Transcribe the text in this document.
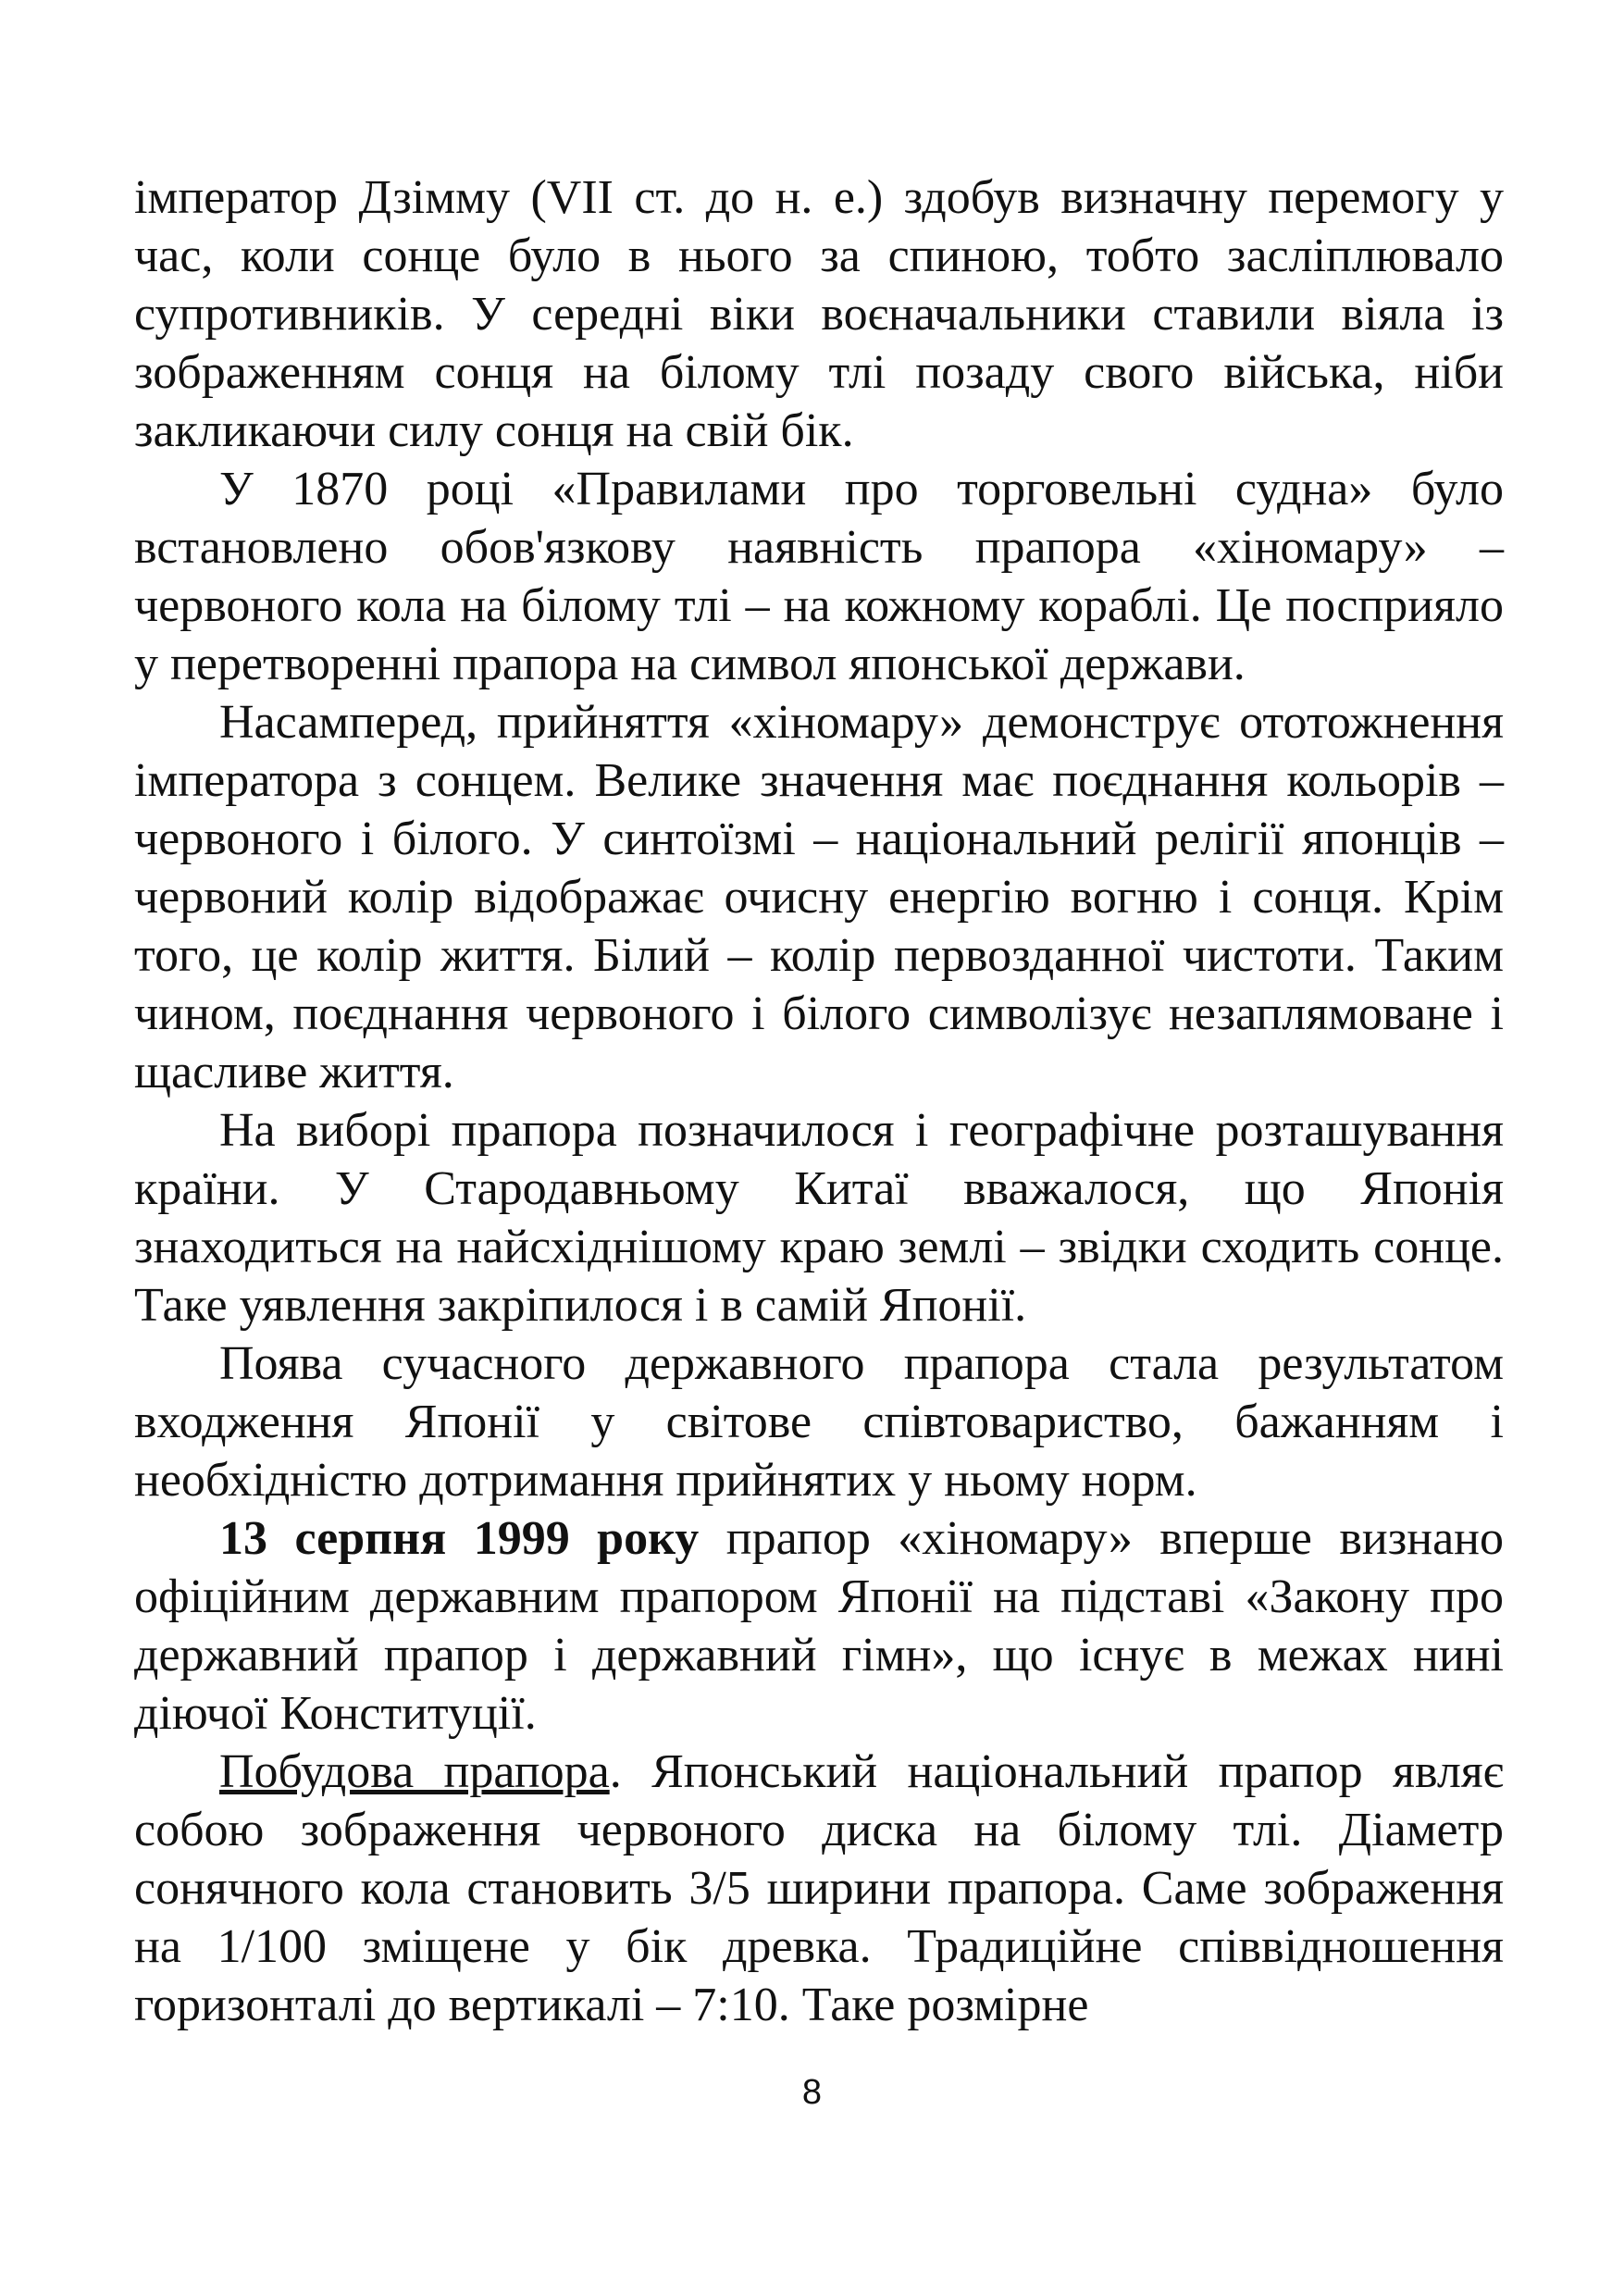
імператор Дзімму (VII ст. до н. е.) здобув визначну перемогу у час, коли сонце було в нього за спиною, тобто засліплювало супротивників. У середні віки воєначальники ставили віяла із зображенням сонця на білому тлі позаду свого війська, ніби закликаючи силу сонця на свій бік.

У 1870 році «Правилами про торговельні судна» було встановлено обов'язкову наявність прапора «хіномару» – червоного кола на білому тлі – на кожному кораблі. Це посприяло у перетворенні прапора на символ японської держави.

Насамперед, прийняття «хіномару» демонструє ототожнення імператора з сонцем. Велике значення має поєднання кольорів – червоного і білого. У синтоїзмі – національний релігії японців – червоний колір відображає очисну енергію вогню і сонця. Крім того, це колір життя. Білий – колір первозданної чистоти. Таким чином, поєднання червоного і білого символізує незаплямоване і щасливе життя.

На виборі прапора позначилося і географічне розташування країни. У Стародавньому Китаї вважалося, що Японія знаходиться на найсхіднішому краю землі – звідки сходить сонце. Таке уявлення закріпилося і в самій Японії.

Поява сучасного державного прапора стала результатом входження Японії у світове співтовариство, бажанням і необхідністю дотримання прийнятих у ньому норм.

13 серпня 1999 року прапор «хіномару» вперше визнано офіційним державним прапором Японії на підставі «Закону про державний прапор і державний гімн», що існує в межах нині діючої Конституції.

Побудова прапора. Японський національний прапор являє собою зображення червоного диска на білому тлі. Діаметр сонячного кола становить 3/5 ширини прапора. Саме зображення на 1/100 зміщене у бік древка. Традиційне співвідношення горизонталі до вертикалі – 7:10. Таке розмірне

8
